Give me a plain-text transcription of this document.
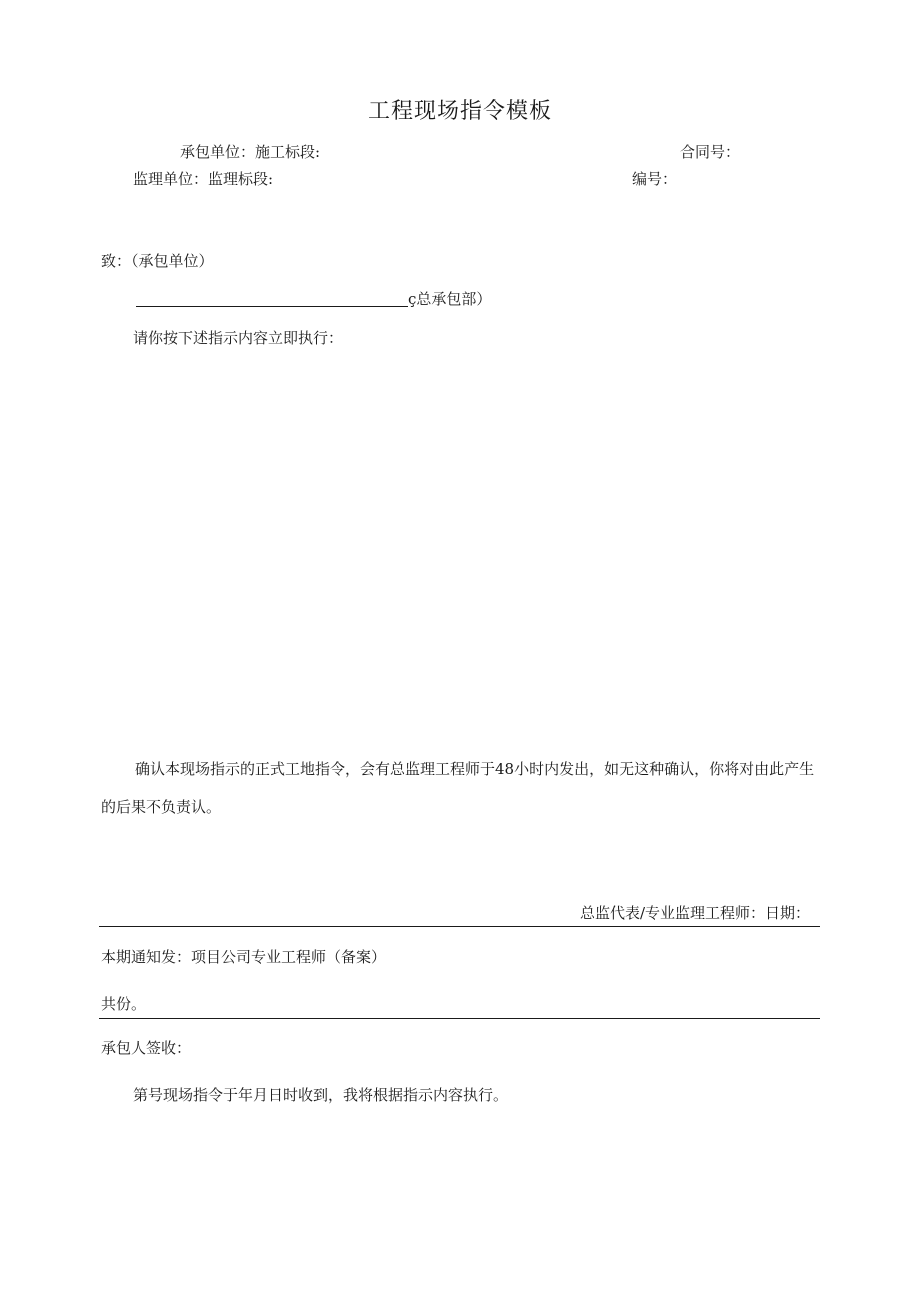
工程现场指令模板
承包单位：施工标段:	合同号：
监理单位：监理标段:	编号：
致：（承包单位）
ç总承包部）
请你按下述指示内容立即执行：
确认本现场指示的正式工地指令，会有总监理工程师于48小时内发出，如无这种确认，你将对由此产生的后果不负责认。
总监代表/专业监理工程师：日期：
本期通知发：项目公司专业工程师（备案）
共份。
承包人签收：
第号现场指令于年月日时收到，我将根据指示内容执行。
